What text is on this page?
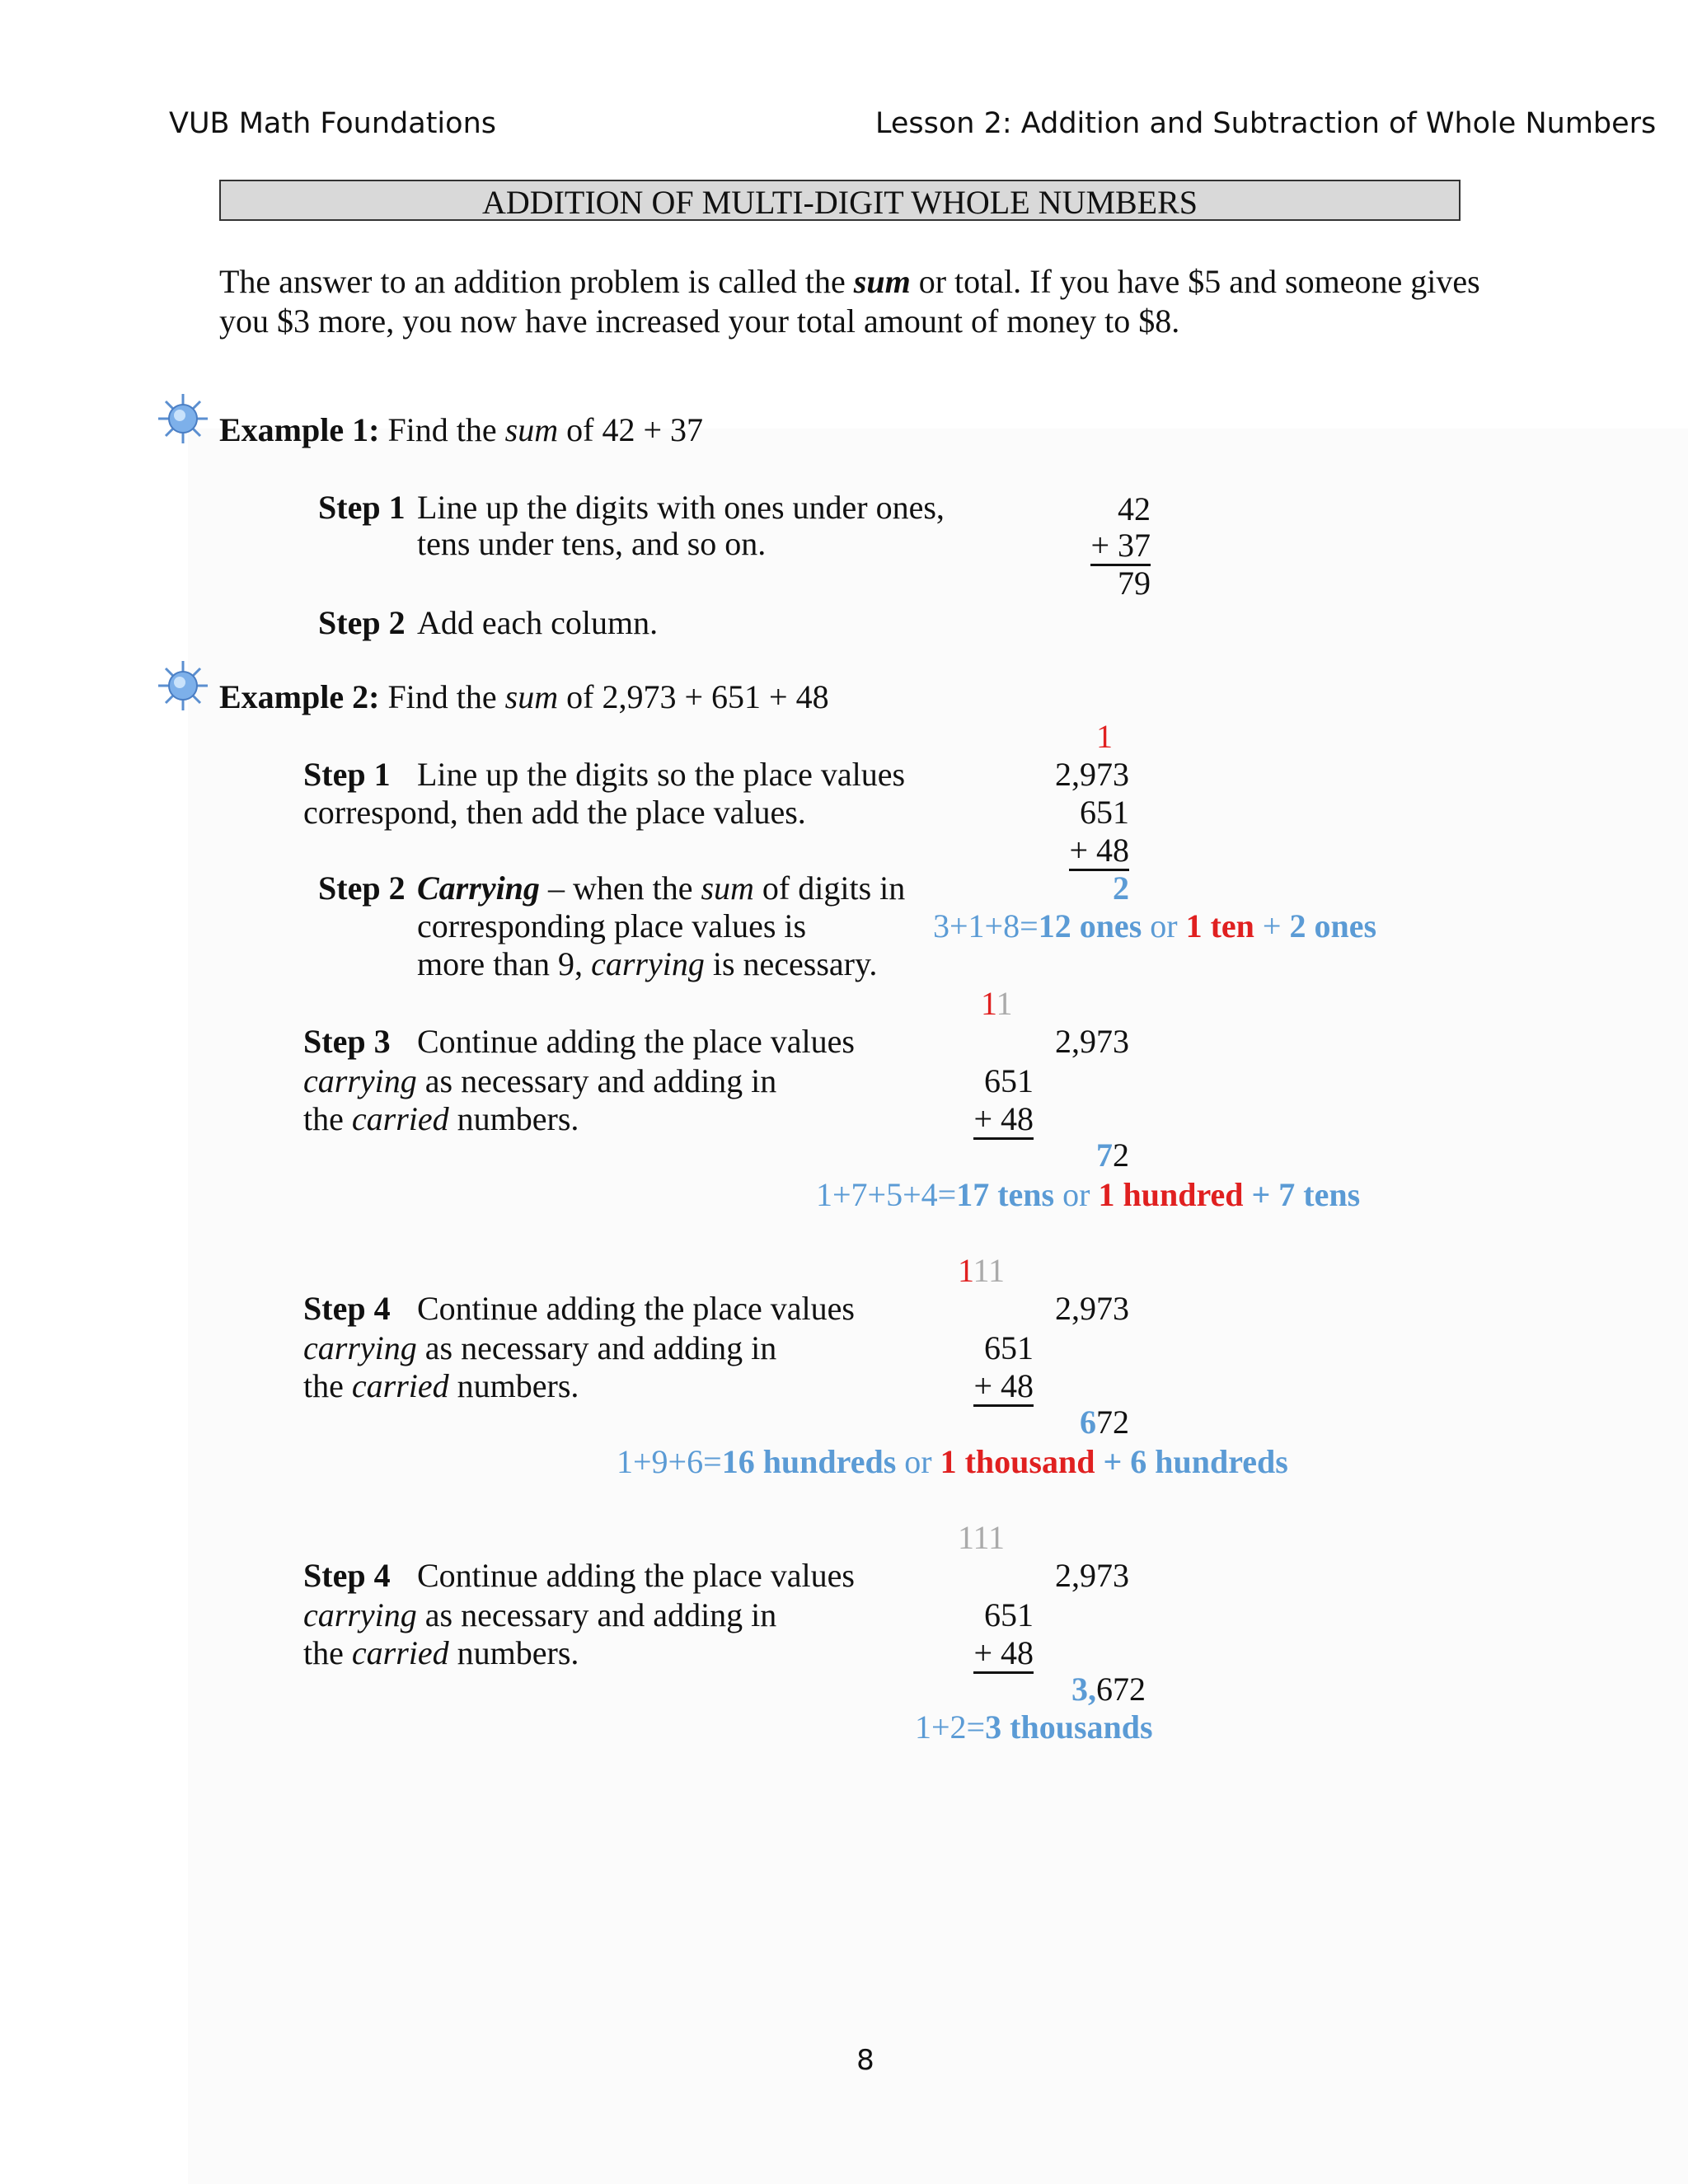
VUB Math Foundations	Lesson 2: Addition and Subtraction of Whole Numbers
ADDITION OF MULTI-DIGIT WHOLE NUMBERS
The answer to an addition problem is called the sum or total. If you have $5 and someone gives
you $3 more, you now have increased your total amount of money to $8.
Example 1: Find the sum of 42 + 37
Step 1 Line up the digits with ones under ones,
tens under tens, and so on.
Step 2 Add each column.
42
+ 37
79
Example 2: Find the sum of 2,973 + 651 + 48
1
Step 1 Line up the digits so the place values
correspond, then add the place values.
2,973
651
+ 48
Step 2 Carrying – when the sum of digits in
corresponding place values is
more than 9, carrying is necessary.
2
3+1+8=12 ones or 1 ten + 2 ones
11
Step 3 Continue adding the place values
carrying as necessary and adding in
the carried numbers.
2,973
651
+ 48
72
1+7+5+4=17 tens or 1 hundred + 7 tens
111
Step 4 Continue adding the place values
carrying as necessary and adding in
the carried numbers.
2,973
651
+ 48
672
1+9+6=16 hundreds or 1 thousand + 6 hundreds
111
Step 4 Continue adding the place values
carrying as necessary and adding in
the carried numbers.
2,973
651
+ 48
3,672
1+2=3 thousands
8
